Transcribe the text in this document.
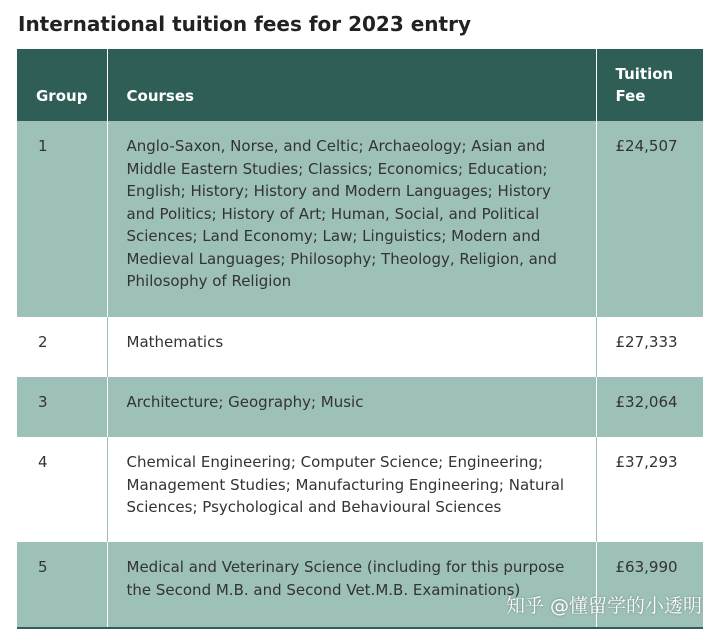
International tuition fees for 2023 entry
Group	Courses	Tuition Fee
1	Anglo-Saxon, Norse, and Celtic; Archaeology; Asian and Middle Eastern Studies; Classics; Economics; Education; English; History; History and Modern Languages; History and Politics; History of Art; Human, Social, and Political Sciences; Land Economy; Law; Linguistics; Modern and Medieval Languages; Philosophy; Theology, Religion, and Philosophy of Religion	£24,507
2	Mathematics	£27,333
3	Architecture; Geography; Music	£32,064
4	Chemical Engineering; Computer Science; Engineering; Management Studies; Manufacturing Engineering; Natural Sciences; Psychological and Behavioural Sciences	£37,293
5	Medical and Veterinary Science (including for this purpose the Second M.B. and Second Vet.M.B. Examinations)	£63,990
知乎 @懂留学的小透明
